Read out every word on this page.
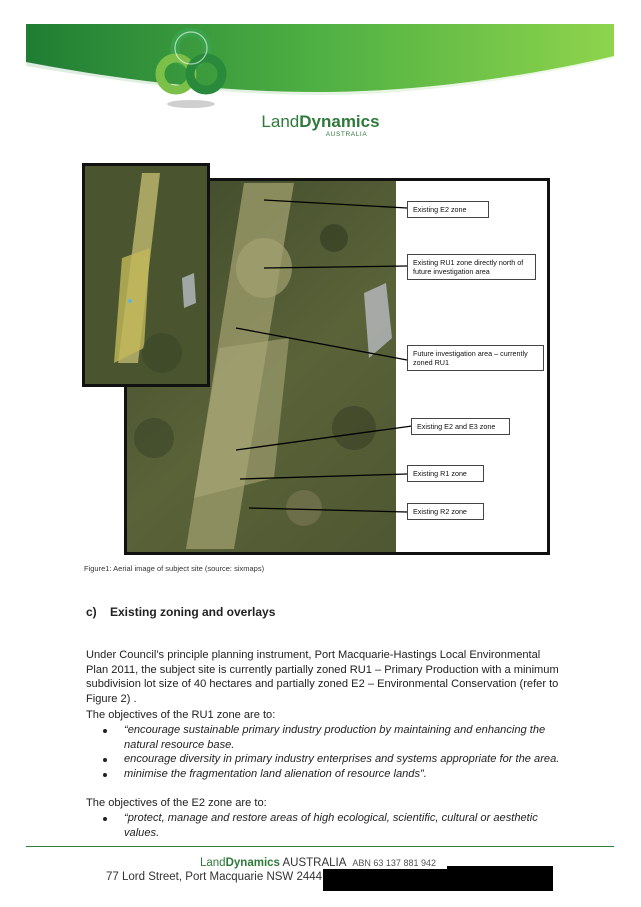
LandDynamics
AUSTRALIA
Existing E2 zone
Existing RU1 zone directly north of future investigation area
Future investigation area – currently zoned RU1
Existing E2 and E3 zone
Existing R1 zone
Existing R2 zone
Figure1: Aerial image of subject site (source: sixmaps)
c)    Existing zoning and overlays
Under Council’s principle planning instrument, Port Macquarie-Hastings Local Environmental Plan 2011, the subject site is currently partially zoned RU1 – Primary Production with a minimum subdivision lot size of 40 hectares and partially zoned E2 – Environmental Conservation (refer to Figure 2) .
The objectives of the RU1 zone are to:
“encourage sustainable primary industry production by maintaining and enhancing the natural resource base.
encourage diversity in primary industry enterprises and systems appropriate for the area.
minimise the fragmentation land alienation of resource lands”.
The objectives of the E2 zone are to:
“protect, manage and restore areas of high ecological, scientific, cultural or aesthetic values.
LandDynamics AUSTRALIA ABN 63 137 881 942
77 Lord Street, Port Macquarie NSW 2444
